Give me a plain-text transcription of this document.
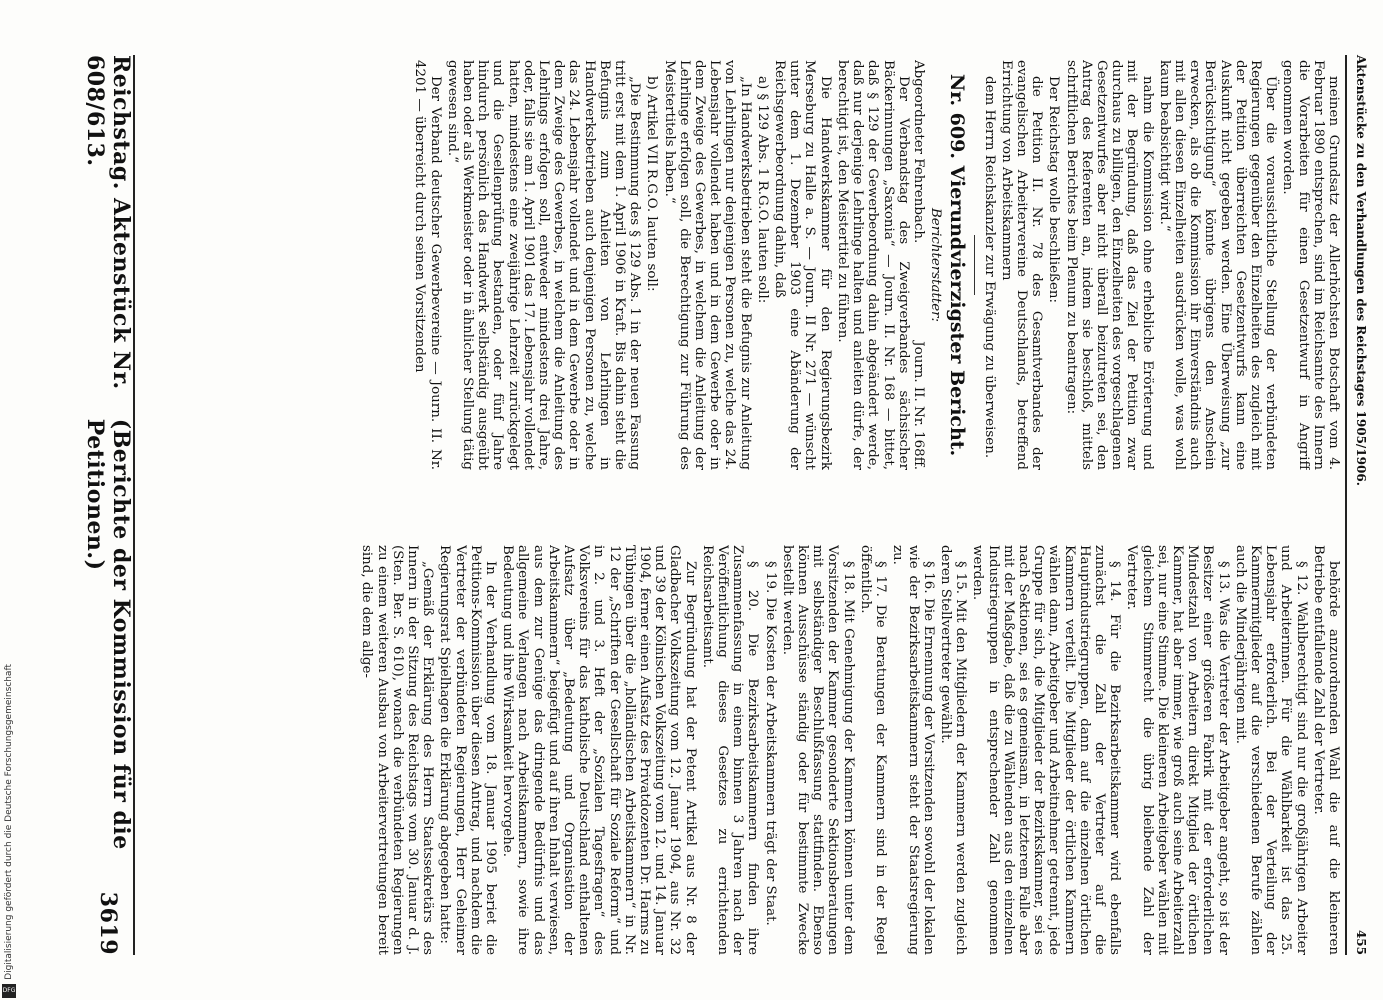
Reichstag. Aktenstück Nr. 608/613.
(Berichte der Kommission für die Petitionen.)
3619
Aktenstücke zu den Verhandlungen des Reichstages 1905/1906.
455

behörde anzuordnenden Wahl die auf die kleineren Betriebe entfallende Zahl der Vertreter.

§ 12. Wahlberechtigt sind nur die großjährigen Arbeiter und Arbeiterinnen. Für die Wählbarkeit ist das 25. Lebensjahr erforderlich. Bei der Verteilung der Kammermitglieder auf die verschiedenen Berufe zählen auch die Minderjährigen mit.

§ 13. Was die Vertreter der Arbeitgeber angeht, so ist der Besitzer einer größeren Fabrik mit der erforderlichen Mindestzahl von Arbeitern direkt Mitglied der örtlichen Kammer, hat aber immer, wie groß auch seine Arbeiterzahl sei, nur eine Stimme. Die kleineren Arbeitgeber wählen mit gleichem Stimmrecht die übrig bleibende Zahl der Vertreter.

§ 14. Für die Bezirksarbeitskammer wird ebenfalls zunächst die Zahl der Vertreter auf die Hauptindustriegruppen, dann auf die einzelnen örtlichen Kammern verteilt. Die Mitglieder der örtlichen Kammern wählen dann, Arbeitgeber und Arbeitnehmer getrennt, jede Gruppe für sich, die Mitglieder der Bezirkskammer, sei es nach Sektionen, sei es gemeinsam, in letzterem Falle aber mit der Maßgabe, daß die zu Wählenden aus den einzelnen Industriegruppen in entsprechender Zahl genommen werden.

§ 15. Mit den Mitgliedern der Kammern werden zugleich deren Stellvertreter gewählt.

§ 16. Die Ernennung der Vorsitzenden sowohl der lokalen wie der Bezirksarbeitskammern steht der Staatsregierung zu.

§ 17. Die Beratungen der Kammern sind in der Regel öffentlich.

§ 18. Mit Genehmigung der Kammern können unter dem Vorsitzenden der Kammer gesonderte Sektionsberatungen mit selbständiger Beschlußfassung stattfinden. Ebenso können Ausschüsse ständig oder für bestimmte Zwecke bestellt werden.

§ 19. Die Kosten der Arbeitskammern trägt der Staat.

§ 20. Die Bezirksarbeitskammern finden ihre Zusammenfassung in einem binnen 3 Jahren nach der Veröffentlichung dieses Gesetzes zu errichtenden Reichsarbeitsamt.

Zur Begründung hat der Petent Artikel aus Nr. 8 der Gladbacher Volkszeitung vom 12. Januar 1904, aus Nr. 32 und 39 der Kölnischen Volkszeitung vom 12. und 14. Januar 1904, ferner einen Aufsatz des Privatdozenten Dr. Harms zu Tübingen über die „holländischen Arbeitskammern“ in Nr. 12 der „Schriften der Gesellschaft für Soziale Reform“ und in 2. und 3. Heft der „Sozialen Tagesfragen“ des Volksvereins für das katholische Deutschland enthaltenen Aufsatz über „Bedeutung und Organisation der Arbeitskammern“ beigefügt und auf ihren Inhalt verwiesen, aus dem zur Genüge das dringende Bedürfnis und das allgemeine Verlangen nach Arbeitskammern, sowie ihre Bedeutung und ihre Wirksamkeit hervorgehe.

In der Verhandlung vom 18. Januar 1905 beriet die Petitions-Kommission über diesen Antrag, und nachdem die Vertreter der verbündeten Regierungen, Herr Geheimer Regierungsrat Spielhagen die Erklärung abgegeben hatte:

„Gemäß der Erklärung des Herrn Staatssekretärs des Innern in der Sitzung des Reichstags vom 30. Januar d. J. (Sten. Ber. S. 610), wonach die verbündeten Regierungen zu einem weiteren Ausbau von Arbeitervertretungen bereit sind, die dem allge-

meinen Grundsatz der Allerhöchsten Botschaft vom 4. Februar 1890 entsprechen, sind im Reichsamte des Innern die Vorarbeiten für einen Gesetzentwurf in Angriff genommen worden.

Über die voraussichtliche Stellung der verbündeten Regierungen gegenüber den Einzelheiten des zugleich mit der Petition überreichten Gesetzentwurfs kann eine Auskunft nicht gegeben werden. Eine Überweisung „zur Berücksichtigung“ könnte übrigens den Anschein erwecken, als ob die Kommission ihr Einverständnis auch mit allen diesen Einzelheiten ausdrücken wolle, was wohl kaum beabsichtigt wird.“

nahm die Kommission ohne erhebliche Erörterung und mit der Begründung, daß das Ziel der Petition zwar durchaus zu billigen, den Einzelheiten des vorgeschlagenen Gesetzentwurfes aber nicht überall beizutreten sei, den Antrag des Referenten an, indem sie beschloß, mittels schriftlichen Berichtes beim Plenum zu beantragen:

Der Reichstag wolle beschließen:

die Petition II. Nr. 78 des Gesamtverbandes der evangelischen Arbeitervereine Deutschlands, betreffend Errichtung von Arbeitskammern

dem Herrn Reichskanzler zur Erwägung zu überweisen.

Nr. 609. Vierundvierzigster Bericht.

Berichterstatter:

Abgeordneter Fehrenbach.
Journ. II. Nr. 168ff.

Der Verbandstag des Zweigverbandes sächsischer Bäckerinnungen „Saxonia“ — Journ. II. Nr. 168 — bittet, daß § 129 der Gewerbeordnung dahin abgeändert werde, daß nur derjenige Lehrlinge halten und anleiten dürfe, der berechtigt ist, den Meistertitel zu führen.

Die Handwerkskammer für den Regierungsbezirk Merseburg zu Halle a. S. — Journ. II Nr. 271 — wünscht unter dem 1. Dezember 1903 eine Abänderung der Reichsgewerbeordnung dahin, daß

a) § 129 Abs. 1 R.G.O. lauten soll:

„In Handwerksbetrieben steht die Befugnis zur Anleitung von Lehrlingen nur denjenigen Personen zu, welche das 24. Lebensjahr vollendet haben und in dem Gewerbe oder in dem Zweige des Gewerbes, in welchem die Anleitung der Lehrlinge erfolgen soll, die Berechtigung zur Führung des Meistertitels haben.“

b) Artikel VII R.G.O. lauten soll:

„Die Bestimmung des § 129 Abs. 1 in der neuen Fassung tritt erst mit dem 1. April 1906 in Kraft. Bis dahin steht die Befugnis zum Anleiten von Lehrlingen in Handwerksbetrieben auch denjenigen Personen zu, welche das 24. Lebensjahr vollendet und in dem Gewerbe oder in dem Zweige des Gewerbes, in welchem die Anleitung des Lehrlings erfolgen soll, entweder mindestens drei Jahre, oder, falls sie am 1. April 1901 das 17. Lebensjahr vollendet hatten, mindestens eine zweijährige Lehrzeit zurückgelegt und die Gesellenprüfung bestanden, oder fünf Jahre hindurch persönlich das Handwerk selbständig ausgeübt haben oder als Werkmeister oder in ähnlicher Stellung tätig gewesen sind.“

Der Verband deutscher Gewerbevereine — Journ. II. Nr. 4201 — überreicht durch seinen Vorsitzenden

Digitalisierung gefördert durch die Deutsche Forschungsgemeinschaft
DFG
